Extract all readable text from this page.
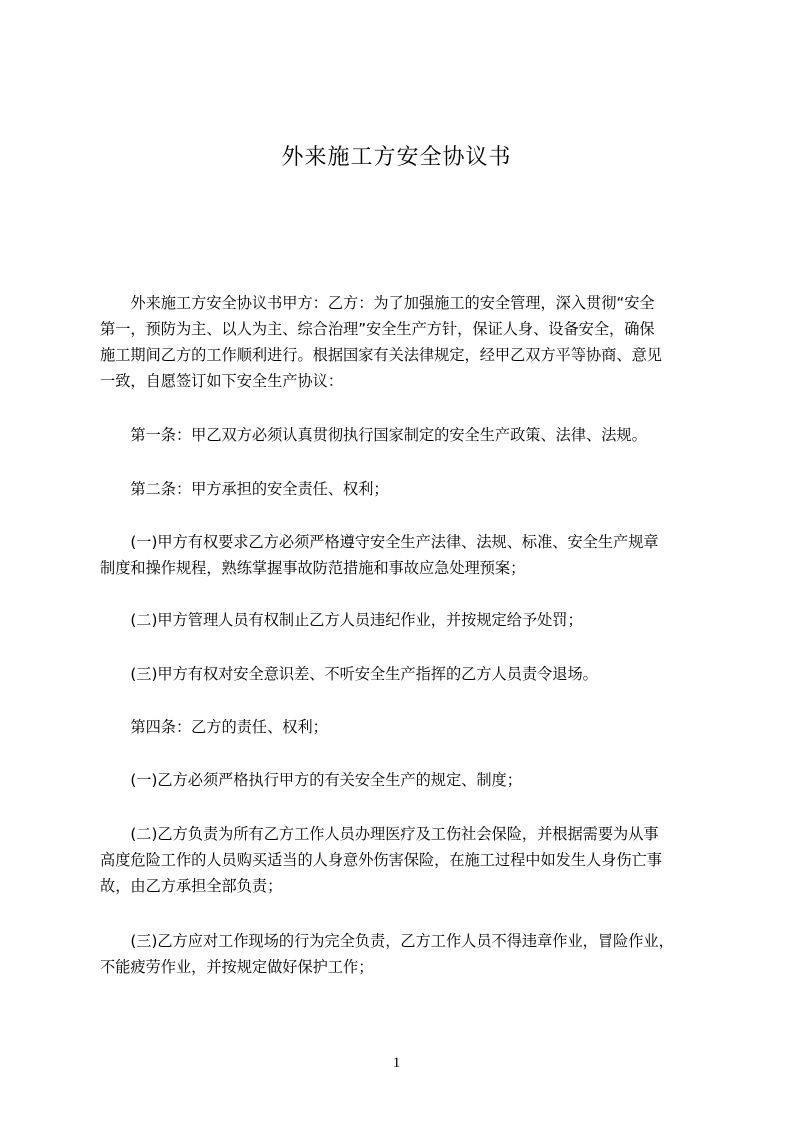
外来施工方安全协议书
　　外来施工方安全协议书甲方：乙方：为了加强施工的安全管理，深入贯彻“安全
第一，预防为主、以人为主、综合治理”安全生产方针，保证人身、设备安全，确保
施工期间乙方的工作顺利进行。根据国家有关法律规定，经甲乙双方平等协商、意见
一致，自愿签订如下安全生产协议：
　　第一条：甲乙双方必须认真贯彻执行国家制定的安全生产政策、法律、法规。
　　第二条：甲方承担的安全责任、权利；
　　(一)甲方有权要求乙方必须严格遵守安全生产法律、法规、标准、安全生产规章
制度和操作规程，熟练掌握事故防范措施和事故应急处理预案；
　　(二)甲方管理人员有权制止乙方人员违纪作业，并按规定给予处罚；
　　(三)甲方有权对安全意识差、不听安全生产指挥的乙方人员责令退场。
　　第四条：乙方的责任、权利；
　　(一)乙方必须严格执行甲方的有关安全生产的规定、制度；
　　(二)乙方负责为所有乙方工作人员办理医疗及工伤社会保险，并根据需要为从事
高度危险工作的人员购买适当的人身意外伤害保险，在施工过程中如发生人身伤亡事
故，由乙方承担全部负责；
　　(三)乙方应对工作现场的行为完全负责，乙方工作人员不得违章作业，冒险作业，
不能疲劳作业，并按规定做好保护工作；
1
